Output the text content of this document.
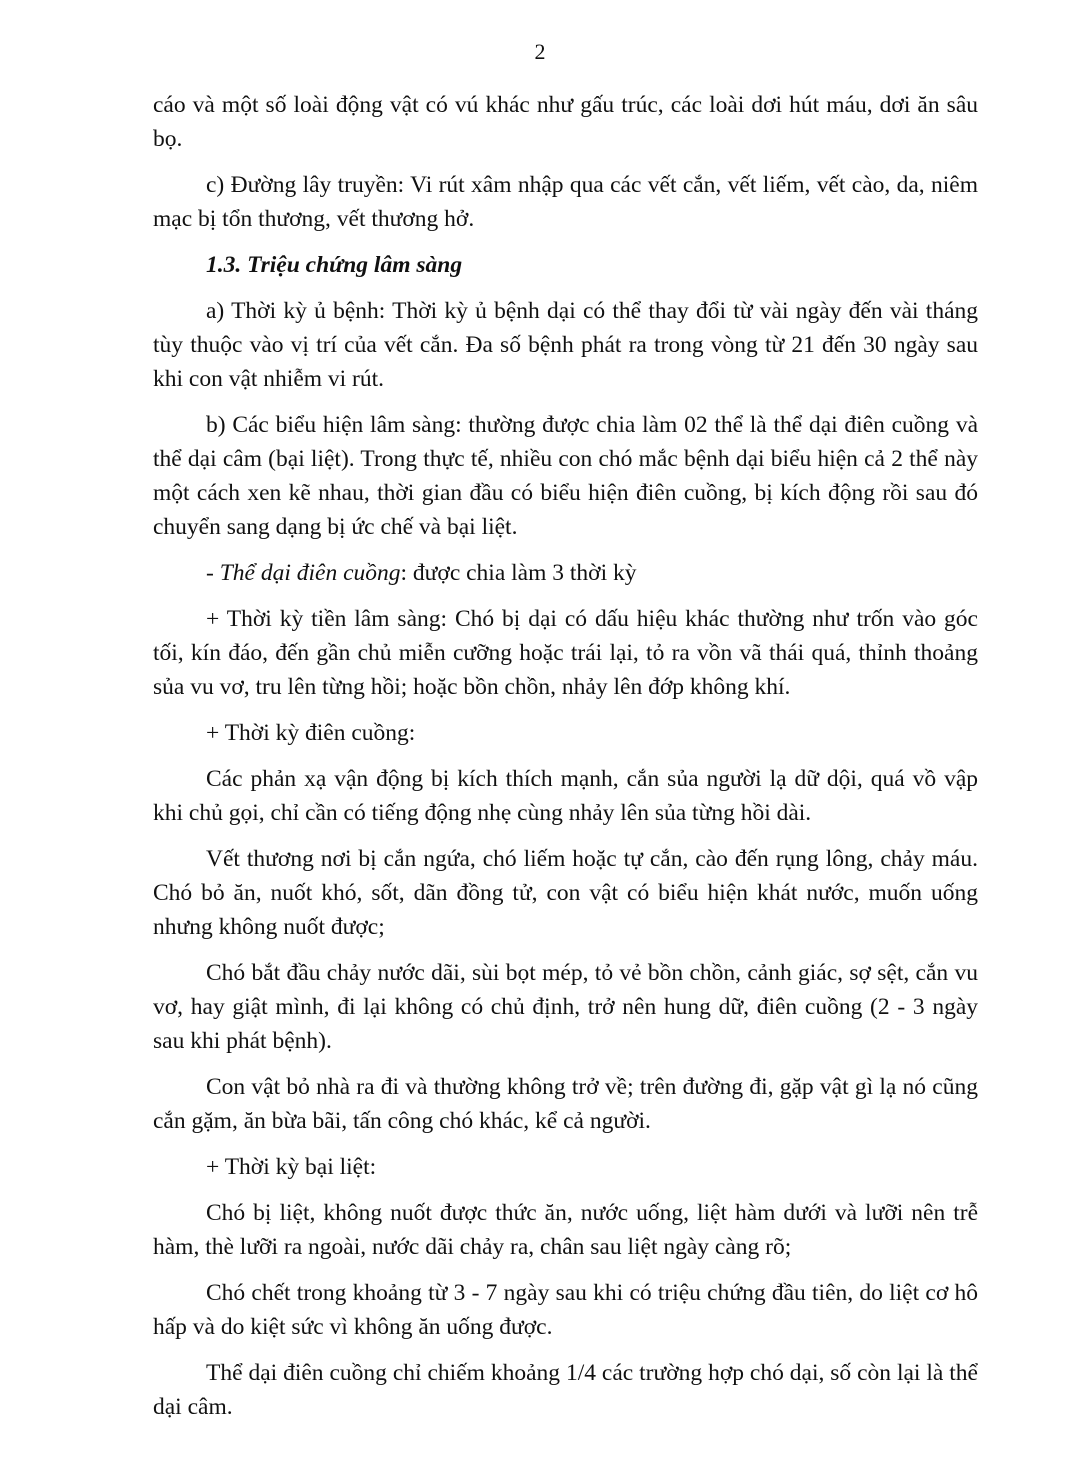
2

cáo và một số loài động vật có vú khác như gấu trúc, các loài dơi hút máu, dơi ăn sâu bọ.

c) Đường lây truyền: Vi rút xâm nhập qua các vết cắn, vết liếm, vết cào, da, niêm mạc bị tổn thương, vết thương hở.

1.3. Triệu chứng lâm sàng

a) Thời kỳ ủ bệnh: Thời kỳ ủ bệnh dại có thể thay đổi từ vài ngày đến vài tháng tùy thuộc vào vị trí của vết cắn. Đa số bệnh phát ra trong vòng từ 21 đến 30 ngày sau khi con vật nhiễm vi rút.

b) Các biểu hiện lâm sàng: thường được chia làm 02 thể là thể dại điên cuồng và thể dại câm (bại liệt). Trong thực tế, nhiều con chó mắc bệnh dại biểu hiện cả 2 thể này một cách xen kẽ nhau, thời gian đầu có biểu hiện điên cuồng, bị kích động rồi sau đó chuyển sang dạng bị ức chế và bại liệt.

- Thể dại điên cuồng: được chia làm 3 thời kỳ

+ Thời kỳ tiền lâm sàng: Chó bị dại có dấu hiệu khác thường như trốn vào góc tối, kín đáo, đến gần chủ miễn cưỡng hoặc trái lại, tỏ ra vồn vã thái quá, thỉnh thoảng sủa vu vơ, tru lên từng hồi; hoặc bồn chồn, nhảy lên đớp không khí.

+ Thời kỳ điên cuồng:

Các phản xạ vận động bị kích thích mạnh, cắn sủa người lạ dữ dội, quá vồ vập khi chủ gọi, chỉ cần có tiếng động nhẹ cùng nhảy lên sủa từng hồi dài.

Vết thương nơi bị cắn ngứa, chó liếm hoặc tự cắn, cào đến rụng lông, chảy máu. Chó bỏ ăn, nuốt khó, sốt, dãn đồng tử, con vật có biểu hiện khát nước, muốn uống nhưng không nuốt được;

Chó bắt đầu chảy nước dãi, sùi bọt mép, tỏ vẻ bồn chồn, cảnh giác, sợ sệt, cắn vu vơ, hay giật mình, đi lại không có chủ định, trở nên hung dữ, điên cuồng (2 - 3 ngày sau khi phát bệnh).

Con vật bỏ nhà ra đi và thường không trở về; trên đường đi, gặp vật gì lạ nó cũng cắn gặm, ăn bừa bãi, tấn công chó khác, kể cả người.

+ Thời kỳ bại liệt:

Chó bị liệt, không nuốt được thức ăn, nước uống, liệt hàm dưới và lưỡi nên trễ hàm, thè lưỡi ra ngoài, nước dãi chảy ra, chân sau liệt ngày càng rõ;

Chó chết trong khoảng từ 3 - 7 ngày sau khi có triệu chứng đầu tiên, do liệt cơ hô hấp và do kiệt sức vì không ăn uống được.

Thể dại điên cuồng chỉ chiếm khoảng 1/4 các trường hợp chó dại, số còn lại là thể dại câm.
